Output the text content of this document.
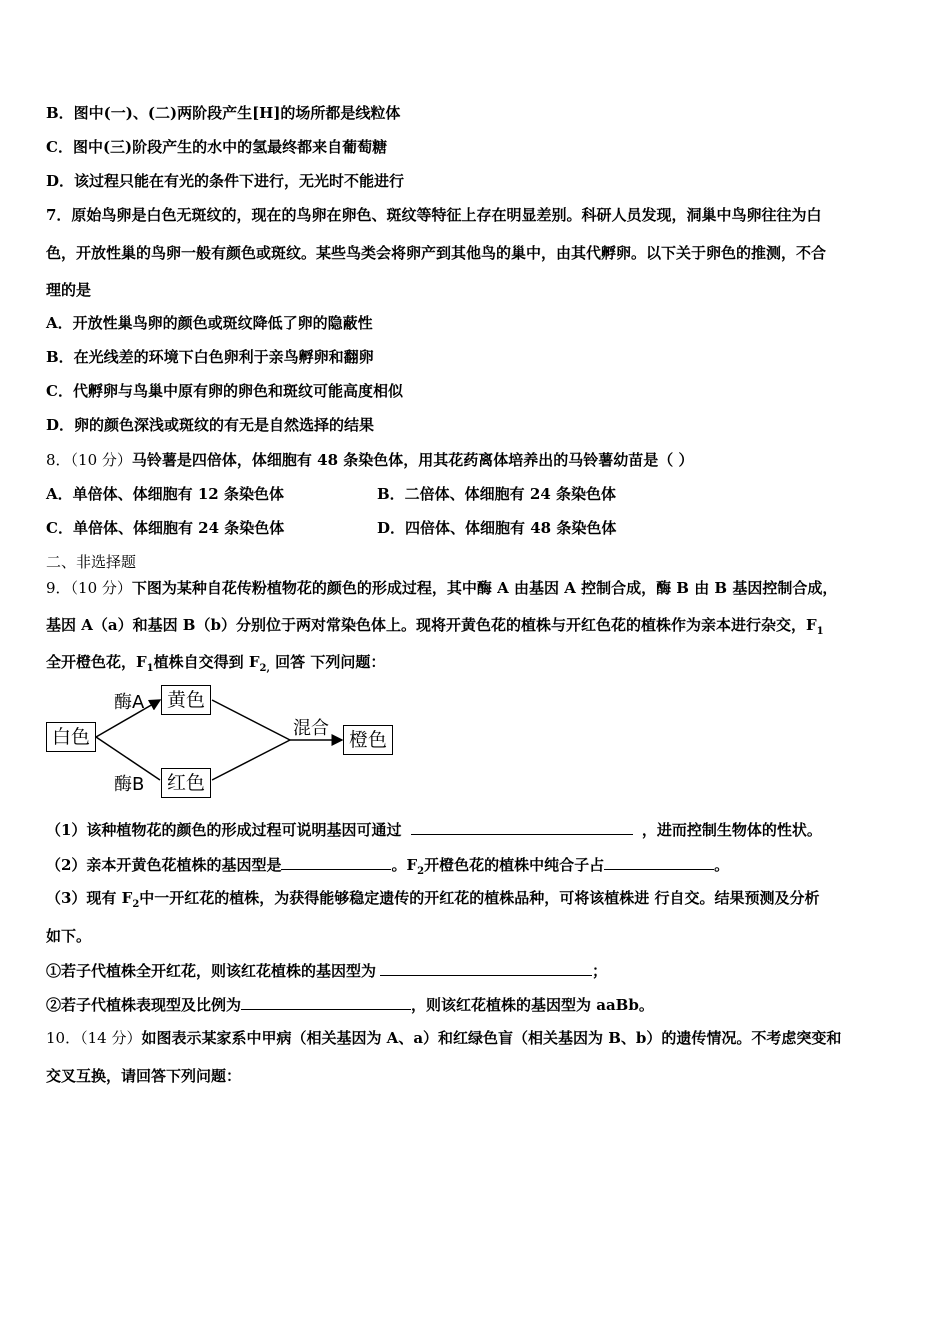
B．图中(一)、(二)两阶段产生[H]的场所都是线粒体
C．图中(三)阶段产生的水中的氢最终都来自葡萄糖
D．该过程只能在有光的条件下进行，无光时不能进行
7．原始鸟卵是白色无斑纹的，现在的鸟卵在卵色、斑纹等特征上存在明显差别。科研人员发现，洞巢中鸟卵往往为白
色，开放性巢的鸟卵一般有颜色或斑纹。某些鸟类会将卵产到其他鸟的巢中，由其代孵卵。以下关于卵色的推测，不合
理的是
A．开放性巢鸟卵的颜色或斑纹降低了卵的隐蔽性
B．在光线差的环境下白色卵利于亲鸟孵卵和翻卵
C．代孵卵与鸟巢中原有卵的卵色和斑纹可能高度相似
D．卵的颜色深浅或斑纹的有无是自然选择的结果
8．（10 分）马铃薯是四倍体，体细胞有 48 条染色体，用其花药离体培养出的马铃薯幼苗是（ ）
A．单倍体、体细胞有 12 条染色体	B．二倍体、体细胞有 24 条染色体
C．单倍体、体细胞有 24 条染色体	D．四倍体、体细胞有 48 条染色体
二、非选择题
9．（10 分）下图为某种自花传粉植物花的颜色的形成过程，其中酶 A 由基因 A 控制合成，酶 B 由 B 基因控制合成，
基因 A（a）和基因 B（b）分别位于两对常染色体上。现将开黄色花的植株与开红色花的植株作为亲本进行杂交，$F_1$
全开橙色花，$F_1$植株自交得到 $F_{2,}$ 回答 下列问题：
白色
黄色
红色
橙色
酶A
酶B
混合
（1）该种植物花的颜色的形成过程可说明基因可通过	，进而控制生物体的性状。
（2）亲本开黄色花植株的基因型是	。$F_2$开橙色花的植株中纯合子占	。
（3）现有 $F_2$中一开红花的植株，为获得能够稳定遗传的开红花的植株品种，可将该植株进 行自交。结果预测及分析
如下。
①若子代植株全开红花，则该红花植株的基因型为	；
②若子代植株表现型及比例为	，则该红花植株的基因型为 aaBb。
10．（14 分）如图表示某家系中甲病（相关基因为 A、a）和红绿色盲（相关基因为 B、b）的遗传情况。不考虑突变和
交叉互换，请回答下列问题：
